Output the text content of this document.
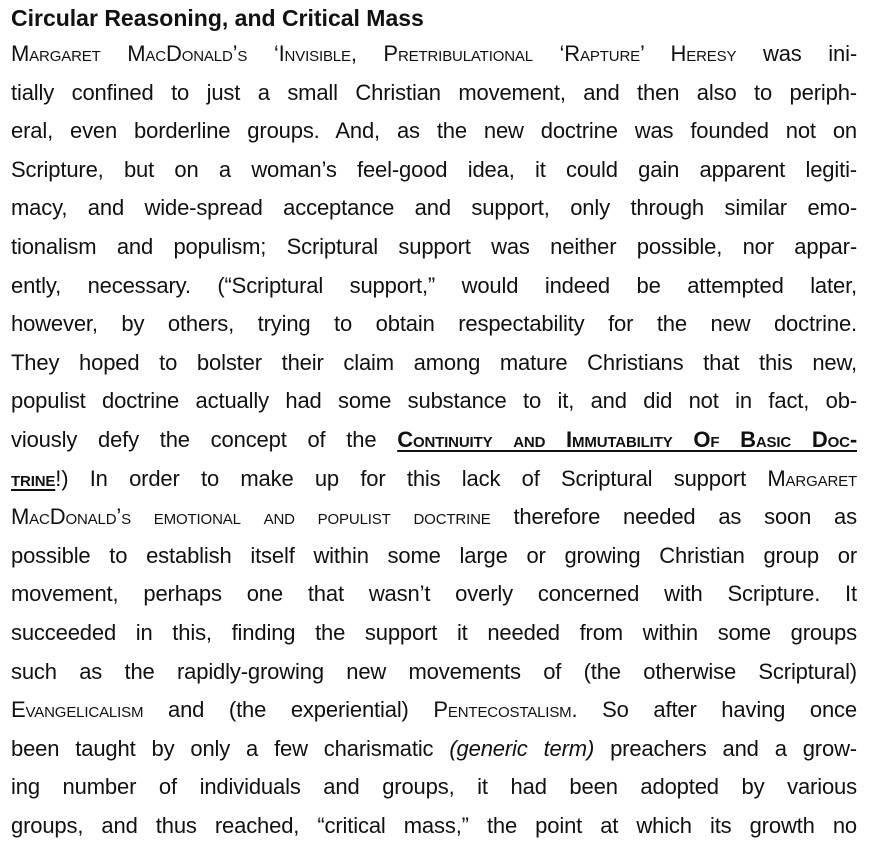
Circular Reasoning, and Critical Mass
Margaret MacDonald’s ‘Invisible, Pretribulational ‘Rapture’ Heresy was ini-
tially confined to just a small Christian movement, and then also to periph-
eral, even borderline groups. And, as the new doctrine was founded not on
Scripture, but on a woman’s feel-good idea, it could gain apparent legiti-
macy, and wide-spread acceptance and support, only through similar emo-
tionalism and populism; Scriptural support was neither possible, nor appar-
ently, necessary. (“Scriptural support,” would indeed be attempted later,
however, by others, trying to obtain respectability for the new doctrine.
They hoped to bolster their claim among mature Christians that this new,
populist doctrine actually had some substance to it, and did not in fact, ob-
viously defy the concept of the Continuity and Immutability Of Basic Doc-
trine!) In order to make up for this lack of Scriptural support Margaret
MacDonald’s emotional and populist doctrine therefore needed as soon as
possible to establish itself within some large or growing Christian group or
movement, perhaps one that wasn’t overly concerned with Scripture. It
succeeded in this, finding the support it needed from within some groups
such as the rapidly-growing new movements of (the otherwise Scriptural)
Evangelicalism and (the experiential) Pentecostalism. So after having once
been taught by only a few charismatic (generic term) preachers and a grow-
ing number of individuals and groups, it had been adopted by various
groups, and thus reached, “critical mass,” the point at which its growth no
